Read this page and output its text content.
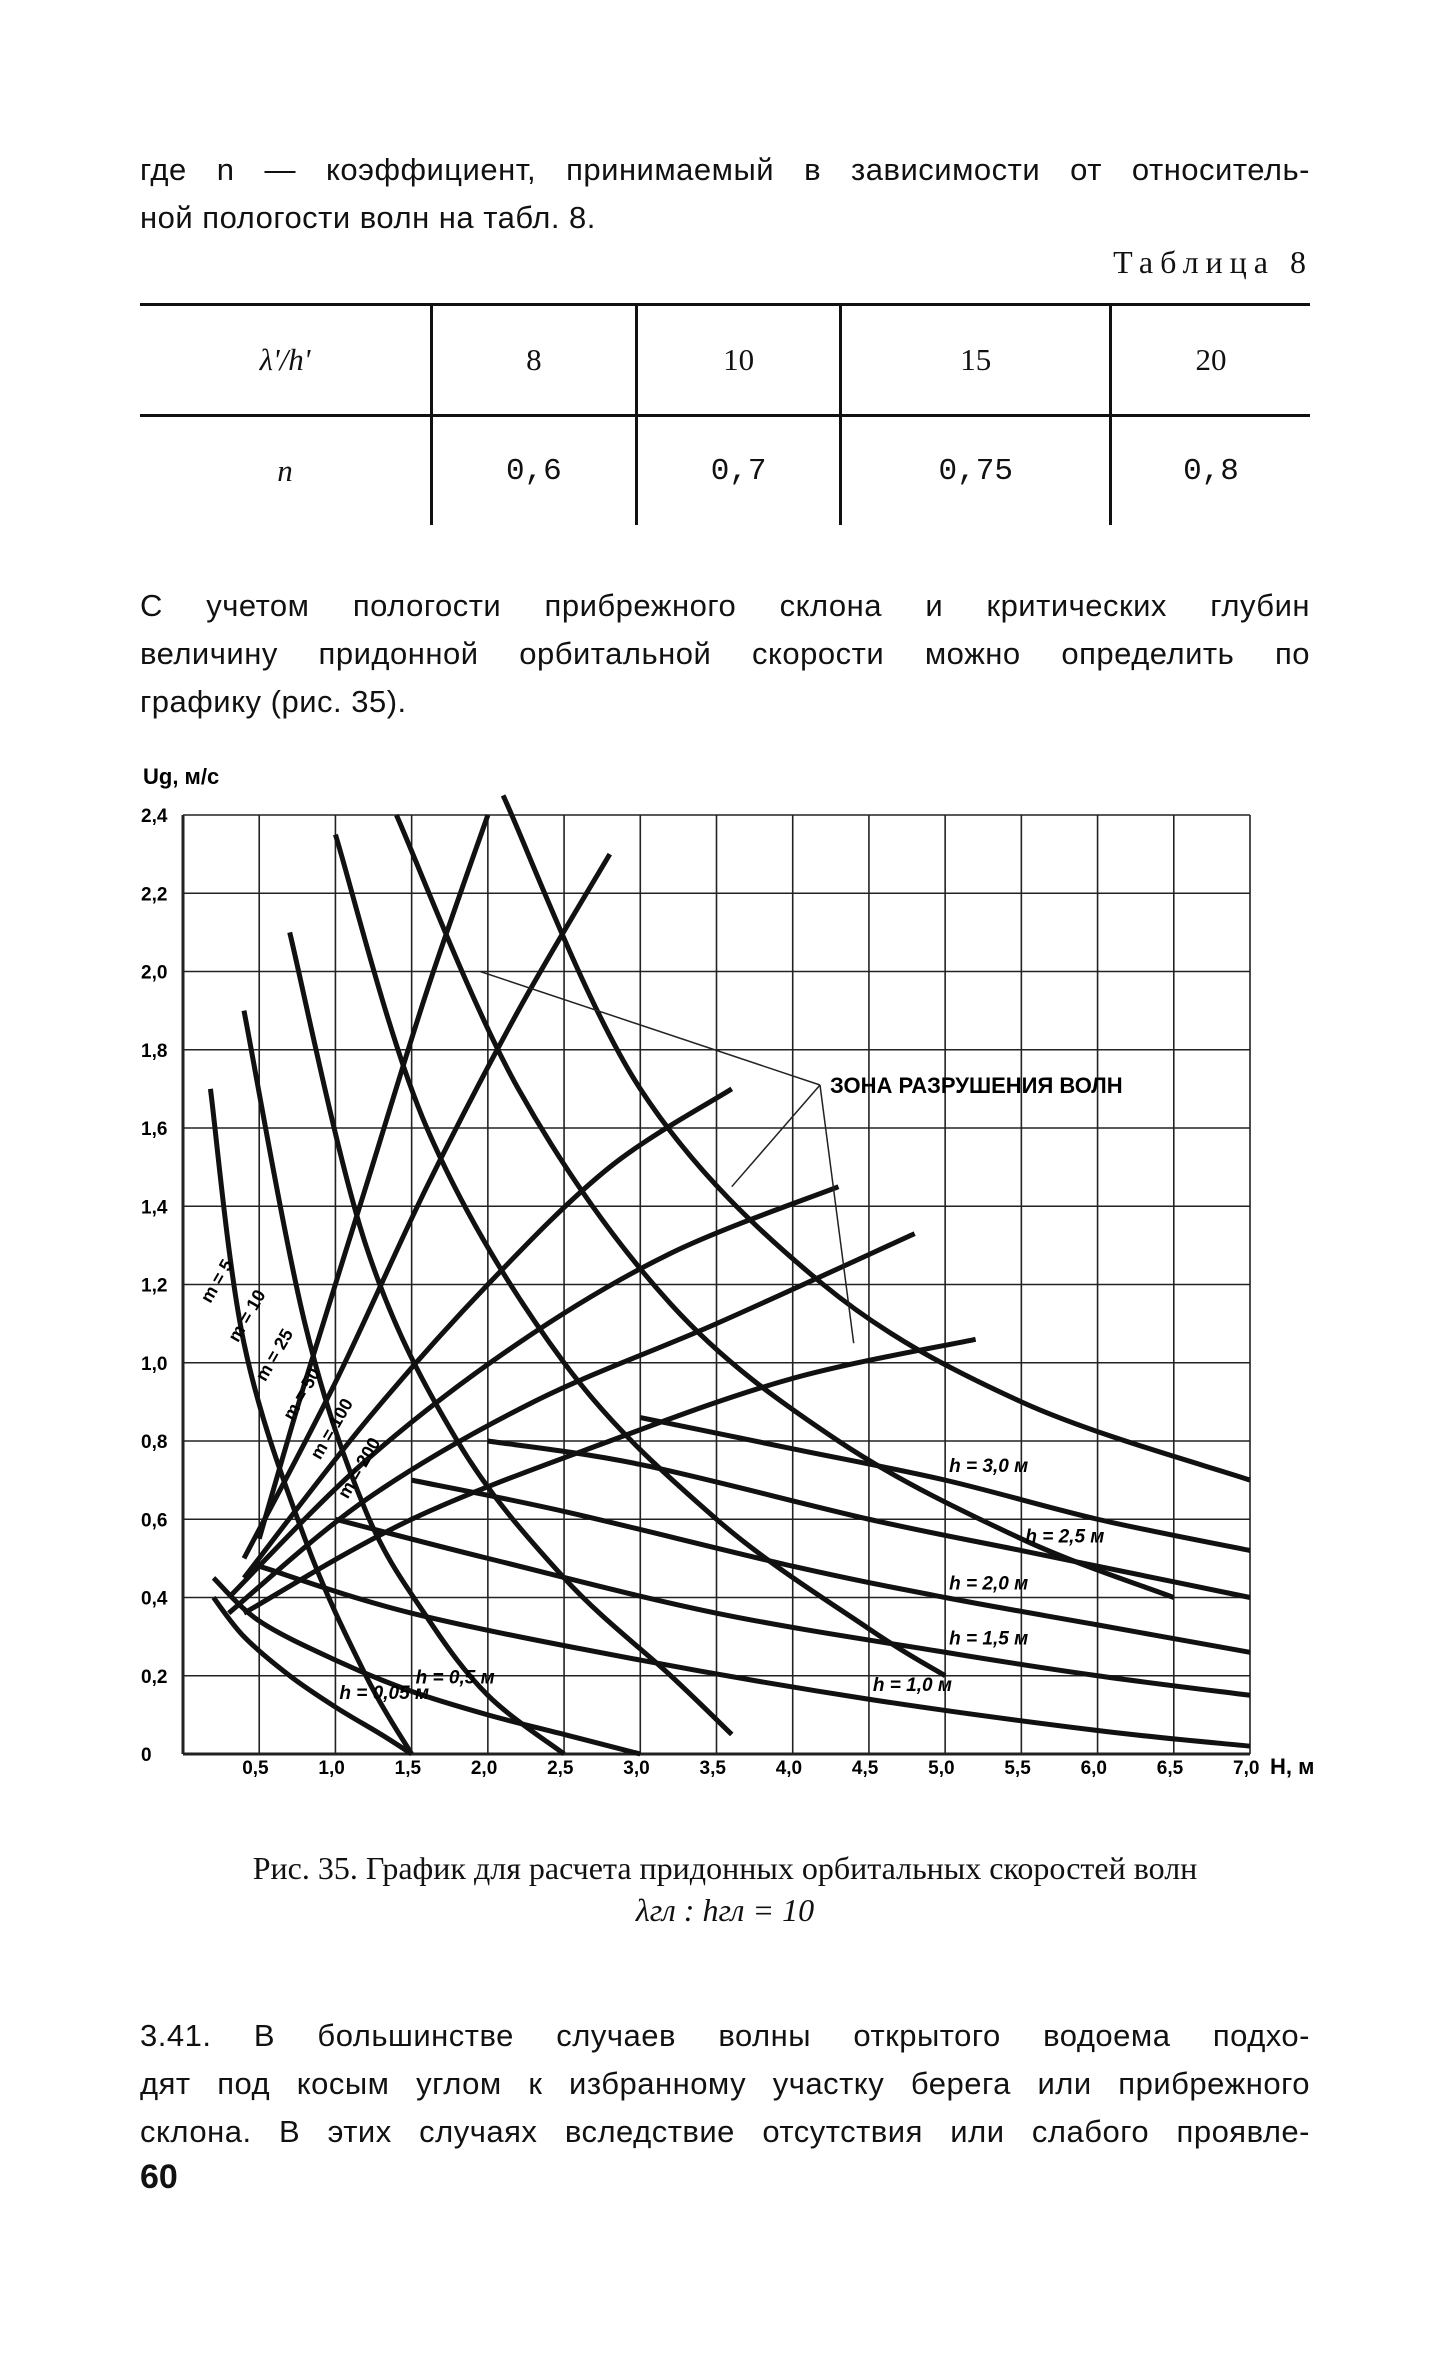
где n — коэффициент, принимаемый в зависимости от относитель-
ной пологости волн на табл. 8.
Таблица 8
λ'/h'	8	10	15	20
n	0,6	0,7	0,75	0,8
С учетом пологости прибрежного склона и критических глубин
величину придонной орбитальной скорости можно определить по
графику (рис. 35).
0
0,2
0,4
0,6
0,8
1,0
1,2
1,4
1,6
1,8
2,0
2,2
2,4
0,5	1,0	1,5	2,0	2,5	3,0	3,5	4,0	4,5	5,0	5,5	6,0	6,5	7,0
h = 0,05 м
h = 0,5 м	h = 1,0 м
h = 1,5 м
h = 2,0 м
h = 2,5 м
h = 3,0 м
m = 5
m = 10
m = 25
m = 50
m = 100
m = 200
Ug, м/с
Н, м
ЗОНА РАЗРУШЕНИЯ ВОЛН
Рис. 35. График для расчета придонных орбитальных скоростей волн
λгл : hгл = 10
3.41. В большинстве случаев волны открытого водоема подхо-
дят под косым углом к избранному участку берега или прибрежного
склона. В этих случаях вследствие отсутствия или слабого проявле-
60
